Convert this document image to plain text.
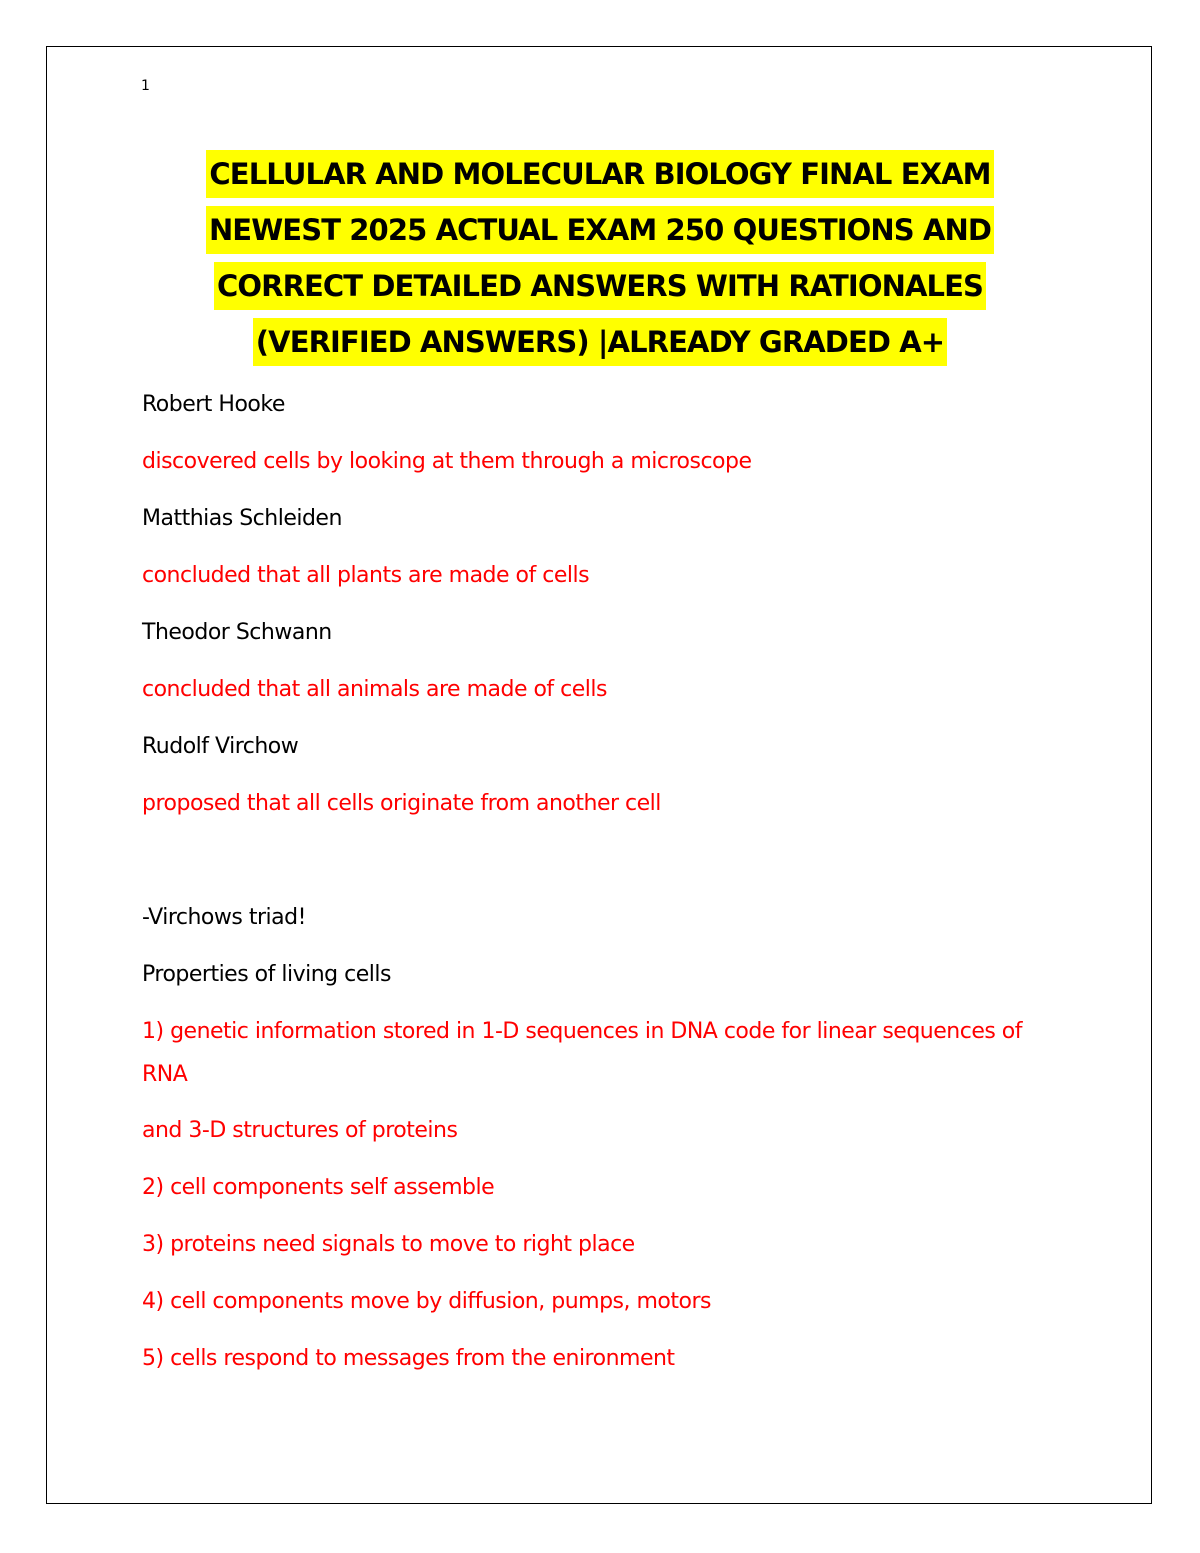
1
CELLULAR AND MOLECULAR BIOLOGY FINAL EXAM
NEWEST 2025 ACTUAL EXAM 250 QUESTIONS AND
CORRECT DETAILED ANSWERS WITH RATIONALES
(VERIFIED ANSWERS) |ALREADY GRADED A+
Robert Hooke
discovered cells by looking at them through a microscope
Matthias Schleiden
concluded that all plants are made of cells
Theodor Schwann
concluded that all animals are made of cells
Rudolf Virchow
proposed that all cells originate from another cell
-Virchows triad!
Properties of living cells
1) genetic information stored in 1-D sequences in DNA code for linear sequences of RNA
and 3-D structures of proteins
2) cell components self assemble
3) proteins need signals to move to right place
4) cell components move by diffusion, pumps, motors
5) cells respond to messages from the enironment
